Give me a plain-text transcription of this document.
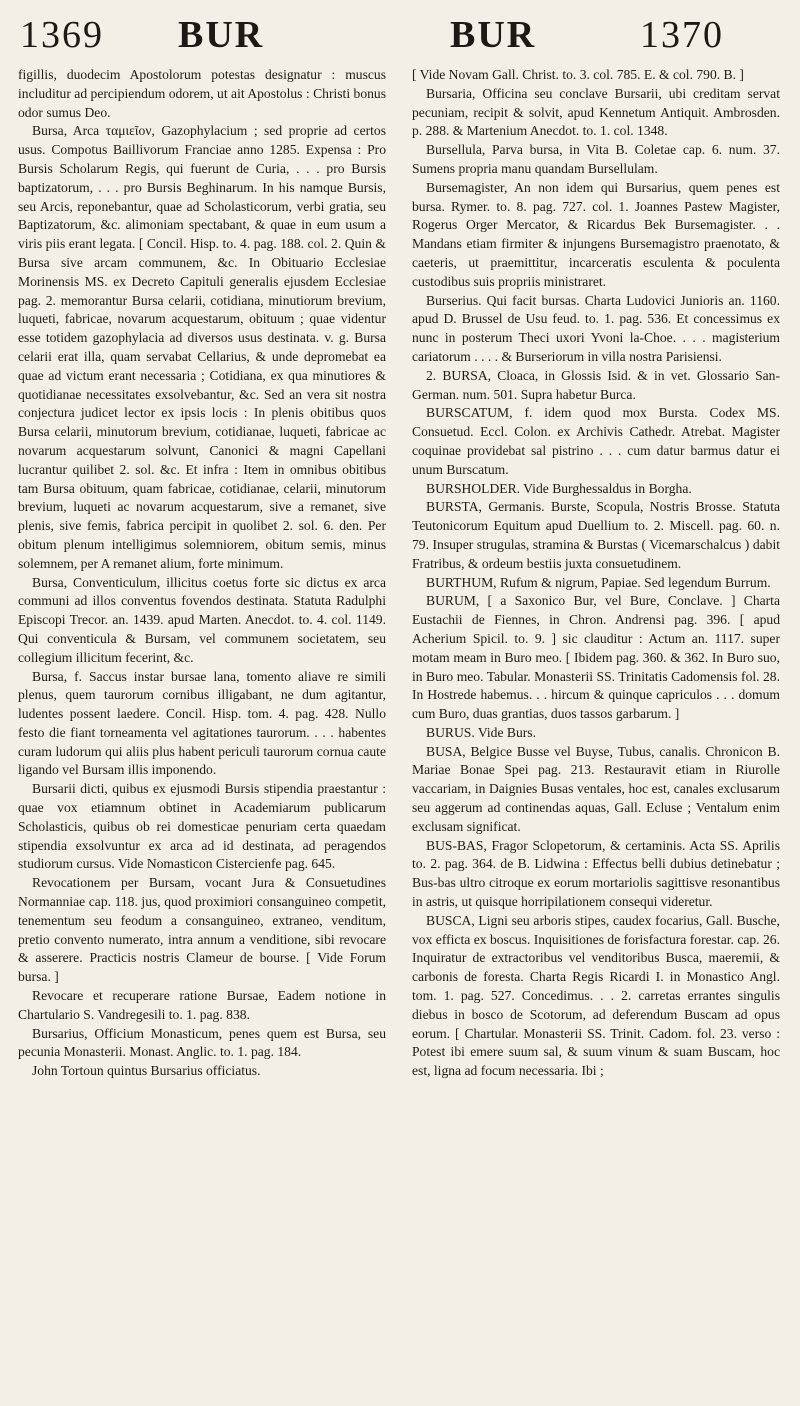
1369 BUR	BUR	1370

figillis, duodecim Apostolorum potestas designatur : muscus includitur ad percipiendum odorem, ut ait Apostolus : Christi bonus odor sumus Deo.

Bursa, Arca ταμιεῖον, Gazophylacium ; sed proprie ad certos usus. Compotus Baillivorum Franciae anno 1285. Expensa : Pro Bursis Scholarum Regis, qui fuerunt de Curia, . . . pro Bursis baptizatorum, . . . pro Bursis Beghinarum. In his namque Bursis, seu Arcis, reponebantur, quae ad Scholasticorum, verbi gratia, seu Baptizatorum, &c. alimoniam spectabant, & quae in eum usum a viris piis erant legata. [ Concil. Hisp. to. 4. pag. 188. col. 2. Quin & Bursa sive arcam communem, &c. In Obituario Ecclesiae Morinensis MS. ex Decreto Capituli generalis ejusdem Ecclesiae pag. 2. memorantur Bursa celarii, cotidiana, minutiorum brevium, luqueti, fabricae, novarum acquestarum, obituum ; quae videntur esse totidem gazophylacia ad diversos usus destinata. v. g. Bursa celarii erat illa, quam servabat Cellarius, & unde depromebat ea quae ad victum erant necessaria ; Cotidiana, ex qua minutiores & quotidianae necessitates exsolvebantur, &c. Sed an vera sit nostra conjectura judicet lector ex ipsis locis : In plenis obitibus quos Bursa celarii, minutorum brevium, cotidianae, luqueti, fabricae ac novarum acquestarum solvunt, Canonici & magni Capellani lucrantur quilibet 2. sol. &c. Et infra : Item in omnibus obitibus tam Bursa obituum, quam fabricae, cotidianae, celarii, minutorum brevium, luqueti ac novarum acquestarum, sive a remanet, sive plenis, sive femis, fabrica percipit in quolibet 2. sol. 6. den. Per obitum plenum intelligimus solemniorem, obitum semis, minus solemnem, per A remanet alium, forte minimum.

Bursa, Conventiculum, illicitus coetus forte sic dictus ex arca communi ad illos conventus fovendos destinata. Statuta Radulphi Episcopi Trecor. an. 1439. apud Marten. Anecdot. to. 4. col. 1149. Qui conventicula & Bursam, vel communem societatem, seu collegium illicitum fecerint, &c.

Bursa, f. Saccus instar bursae lana, tomento aliave re simili plenus, quem taurorum cornibus illigabant, ne dum agitantur, ludentes possent laedere. Concil. Hisp. tom. 4. pag. 428. Nullo festo die fiant torneamenta vel agitationes taurorum. . . . habentes curam ludorum qui aliis plus habent periculi taurorum cornua caute ligando vel Bursam illis imponendo.

Bursarii dicti, quibus ex ejusmodi Bursis stipendia praestantur : quae vox etiamnum obtinet in Academiarum publicarum Scholasticis, quibus ob rei domesticae penuriam certa quaedam stipendia exsolvuntur ex arca ad id destinata, ad peragendos studiorum cursus. Vide Nomasticon Cistercienfe pag. 645.

Revocationem per Bursam, vocant Jura & Consuetudines Normanniae cap. 118. jus, quod proximiori consanguineo competit, tenementum seu feodum a consanguineo, extraneo, venditum, pretio convento numerato, intra annum a venditione, sibi revocare & asserere. Practicis nostris Clameur de bourse. [ Vide Forum bursa. ]

Revocare et recuperare ratione Bursae, Eadem notione in Chartulario S. Vandregesili to. 1. pag. 838.

Bursarius, Officium Monasticum, penes quem est Bursa, seu pecunia Monasterii. Monast. Anglic. to. 1. pag. 184.

John Tortoun quintus Bursarius officiatus.

[ Vide Novam Gall. Christ. to. 3. col. 785. E. & col. 790. B. ]

Bursaria, Officina seu conclave Bursarii, ubi creditam servat pecuniam, recipit & solvit, apud Kennetum Antiquit. Ambrosden. p. 288. & Martenium Anecdot. to. 1. col. 1348.

Bursellula, Parva bursa, in Vita B. Coletae cap. 6. num. 37. Sumens propria manu quandam Bursellulam.

Bursemagister, An non idem qui Bursarius, quem penes est bursa. Rymer. to. 8. pag. 727. col. 1. Joannes Pastew Magister, Rogerus Orger Mercator, & Ricardus Bek Bursemagister. . . Mandans etiam firmiter & injungens Bursemagistro praenotato, & caeteris, ut praemittitur, incarceratis esculenta & poculenta custodibus suis propriis ministraret.

Burserius. Qui facit bursas. Charta Ludovici Junioris an. 1160. apud D. Brussel de Usu feud. to. 1. pag. 536. Et concessimus ex nunc in posterum Theci uxori Yvoni la-Choe. . . . magisterium cariatorum . . . . & Burseriorum in villa nostra Parisiensi.

2. BURSA, Cloaca, in Glossis Isid. & in vet. Glossario San-German. num. 501. Supra habetur Burca.

BURSCATUM, f. idem quod mox Bursta. Codex MS. Consuetud. Eccl. Colon. ex Archivis Cathedr. Atrebat. Magister coquinae providebat sal pistrino . . . cum datur barmus datur ei unum Burscatum.

BURSHOLDER. Vide Burghessaldus in Borgha.

BURSTA, Germanis. Burste, Scopula, Nostris Brosse. Statuta Teutonicorum Equitum apud Duellium to. 2. Miscell. pag. 60. n. 79. Insuper strugulas, stramina & Burstas ( Vicemarschalcus ) dabit Fratribus, & ordeum bestiis juxta consuetudinem.

BURTHUM, Rufum & nigrum, Papiae. Sed legendum Burrum.

BURUM, [ a Saxonico Bur, vel Bure, Conclave. ] Charta Eustachii de Fiennes, in Chron. Andrensi pag. 396. [ apud Acherium Spicil. to. 9. ] sic clauditur : Actum an. 1117. super motam meam in Buro meo. [ Ibidem pag. 360. & 362. In Buro suo, in Buro meo. Tabular. Monasterii SS. Trinitatis Cadomensis fol. 28. In Hostrede habemus. . . hircum & quinque capriculos . . . domum cum Buro, duas grantias, duos tassos garbarum. ]

BURUS. Vide Burs.

BUSA, Belgice Busse vel Buyse, Tubus, canalis. Chronicon B. Mariae Bonae Spei pag. 213. Restauravit etiam in Riurolle vaccariam, in Daignies Busas ventales, hoc est, canales exclusarum seu aggerum ad continendas aquas, Gall. Ecluse ; Ventalum enim exclusam significat.

BUS-BAS, Fragor Sclopetorum, & certaminis. Acta SS. Aprilis to. 2. pag. 364. de B. Lidwina : Effectus belli dubius detinebatur ; Bus-bas ultro citroque ex eorum mortariolis sagittisve resonantibus in astris, ut quisque horripilationem consequi videretur.

BUSCA, Ligni seu arboris stipes, caudex focarius, Gall. Busche, vox efficta ex boscus. Inquisitiones de forisfactura forestar. cap. 26. Inquiratur de extractoribus vel venditoribus Busca, maeremii, & carbonis de foresta. Charta Regis Ricardi I. in Monastico Angl. tom. 1. pag. 527. Concedimus. . . 2. carretas errantes singulis diebus in bosco de Scotorum, ad deferendum Buscam ad opus eorum. [ Chartular. Monasterii SS. Trinit. Cadom. fol. 23. verso : Potest ibi emere suum sal, & suum vinum & suam Buscam, hoc est, ligna ad focum necessaria. Ibi ;
